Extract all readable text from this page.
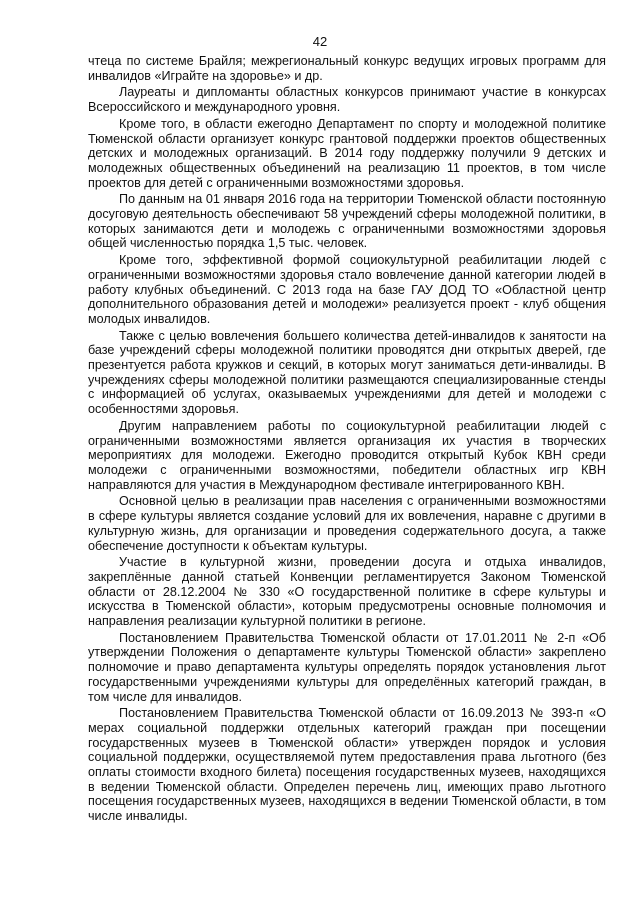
42

чтеца по системе Брайля; межрегиональный конкурс ведущих игровых программ для инвалидов «Играйте на здоровье» и др.

Лауреаты и дипломанты областных конкурсов принимают участие в конкурсах Всероссийского и международного уровня.

Кроме того, в области ежегодно Департамент по спорту и молодежной политике Тюменской области организует конкурс грантовой поддержки проектов общественных детских и молодежных организаций. В 2014 году поддержку получили 9 детских и молодежных общественных объединений на реализацию 11 проектов, в том числе проектов для детей с ограниченными возможностями здоровья.

По данным на 01 января 2016 года на территории Тюменской области постоянную досуговую деятельность обеспечивают 58 учреждений сферы молодежной политики, в которых занимаются дети и молодежь с ограниченными возможностями здоровья общей численностью порядка 1,5 тыс. человек.

Кроме того, эффективной формой социокультурной реабилитации людей с ограниченными возможностями здоровья стало вовлечение данной категории людей в работу клубных объединений. С 2013 года на базе ГАУ ДОД ТО «Областной центр дополнительного образования детей и молодежи» реализуется проект - клуб общения молодых инвалидов.

Также с целью вовлечения большего количества детей-инвалидов к занятости на базе учреждений сферы молодежной политики проводятся дни открытых дверей, где презентуется работа кружков и секций, в которых могут заниматься дети-инвалиды. В учреждениях сферы молодежной политики размещаются специализированные стенды с информацией об услугах, оказываемых учреждениями для детей и молодежи с особенностями здоровья.

Другим направлением работы по социокультурной реабилитации людей с ограниченными возможностями является организация их участия в творческих мероприятиях для молодежи. Ежегодно проводится открытый Кубок КВН среди молодежи с ограниченными возможностями, победители областных игр КВН направляются для участия в Международном фестивале интегрированного КВН.

Основной целью в реализации прав населения с ограниченными возможностями в сфере культуры является создание условий для их вовлечения, наравне с другими в культурную жизнь, для организации и проведения содержательного досуга, а также обеспечение доступности к объектам культуры.

Участие в культурной жизни, проведении досуга и отдыха инвалидов, закреплённые данной статьей Конвенции регламентируется Законом Тюменской области от 28.12.2004 № 330 «О государственной политике в сфере культуры и искусства в Тюменской области», которым предусмотрены основные полномочия и направления реализации культурной политики в регионе.

Постановлением Правительства Тюменской области от 17.01.2011 № 2-п «Об утверждении Положения о департаменте культуры Тюменской области» закреплено полномочие и право департамента культуры определять порядок установления льгот государственными учреждениями культуры для определённых категорий граждан, в том числе для инвалидов.

Постановлением Правительства Тюменской области от 16.09.2013 № 393-п «О мерах социальной поддержки отдельных категорий граждан при посещении государственных музеев в Тюменской области» утвержден порядок и условия социальной поддержки, осуществляемой путем предоставления права льготного (без оплаты стоимости входного билета) посещения государственных музеев, находящихся в ведении Тюменской области. Определен перечень лиц, имеющих право льготного посещения государственных музеев, находящихся в ведении Тюменской области, в том числе инвалиды.
